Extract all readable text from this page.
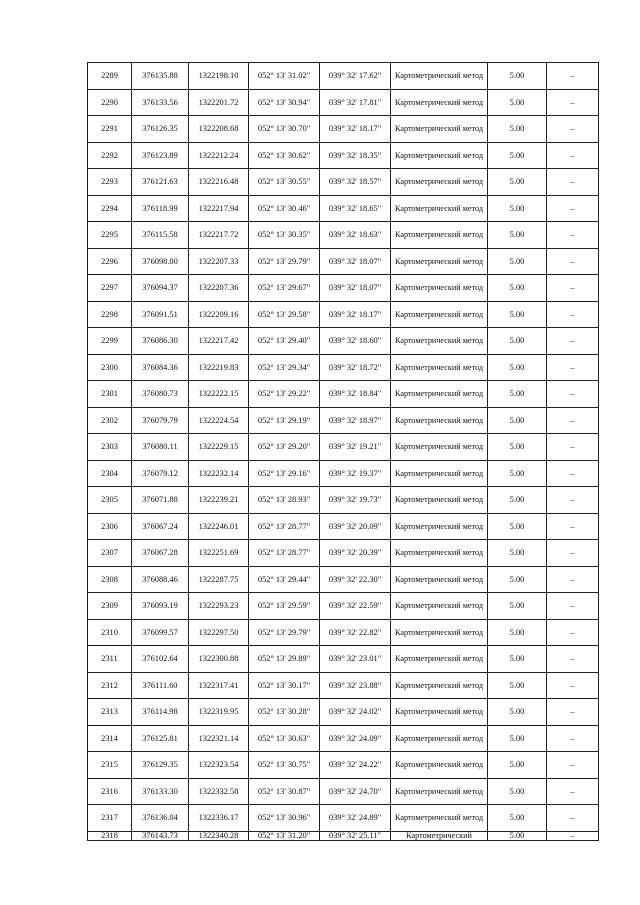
2289	376135.88	1322198.10	052° 13' 31.02"	039° 32' 17.62"	Картометрический метод	5.00	–
2290	376133.56	1322201.72	052° 13' 30.94"	039° 32' 17.81"	Картометрический метод	5.00	–
2291	376126.35	1322208.68	052° 13' 30.70"	039° 32' 18.17"	Картометрический метод	5.00	–
2292	376123.89	1322212.24	052° 13' 30.62"	039° 32' 18.35"	Картометрический метод	5.00	–
2293	376121.63	1322216.48	052° 13' 30.55"	039° 32' 18.57"	Картометрический метод	5.00	–
2294	376118.99	1322217.94	052° 13' 30.46"	039° 32' 18.65"	Картометрический метод	5.00	–
2295	376115.58	1322217.72	052° 13' 30.35"	039° 32' 18.63"	Картометрический метод	5.00	–
2296	376098.00	1322207.33	052° 13' 29.79"	039° 32' 18.07"	Картометрический метод	5.00	–
2297	376094.37	1322207.36	052° 13' 29.67"	039° 32' 18.07"	Картометрический метод	5.00	–
2298	376091.51	1322209.16	052° 13' 29.58"	039° 32' 18.17"	Картометрический метод	5.00	–
2299	376086.30	1322217.42	052° 13' 29.40"	039° 32' 18.60"	Картометрический метод	5.00	–
2300	376084.36	1322219.83	052° 13' 29.34"	039° 32' 18.72"	Картометрический метод	5.00	–
2301	376080.73	1322222.15	052° 13' 29.22"	039° 32' 18.84"	Картометрический метод	5.00	–
2302	376079.79	1322224.54	052° 13' 29.19"	039° 32' 18.97"	Картометрический метод	5.00	–
2303	376080.11	1322229.15	052° 13' 29.20"	039° 32' 19.21"	Картометрический метод	5.00	–
2304	376079.12	1322232.14	052° 13' 29.16"	039° 32' 19.37"	Картометрический метод	5.00	–
2305	376071.88	1322239.21	052° 13' 28.93"	039° 32' 19.73"	Картометрический метод	5.00	–
2306	376067.24	1322246.01	052° 13' 28.77"	039° 32' 20.09"	Картометрический метод	5.00	–
2307	376067.28	1322251.69	052° 13' 28.77"	039° 32' 20.39"	Картометрический метод	5.00	–
2308	376088.46	1322287.75	052° 13' 29.44"	039° 32' 22.30"	Картометрический метод	5.00	–
2309	376093.19	1322293.23	052° 13' 29.59"	039° 32' 22.59"	Картометрический метод	5.00	–
2310	376099.57	1322297.50	052° 13' 29.79"	039° 32' 22.82"	Картометрический метод	5.00	–
2311	376102.64	1322300.88	052° 13' 29.89"	039° 32' 23.01"	Картометрический метод	5.00	–
2312	376111.60	1322317.41	052° 13' 30.17"	039° 32' 23.88"	Картометрический метод	5.00	–
2313	376114.98	1322319.95	052° 13' 30.28"	039° 32' 24.02"	Картометрический метод	5.00	–
2314	376125.81	1322321.14	052° 13' 30.63"	039° 32' 24.09"	Картометрический метод	5.00	–
2315	376129.35	1322323.54	052° 13' 30.75"	039° 32' 24.22"	Картометрический метод	5.00	–
2316	376133.30	1322332.58	052° 13' 30.87"	039° 32' 24.70"	Картометрический метод	5.00	–
2317	376136.04	1322336.17	052° 13' 30.96"	039° 32' 24.89"	Картометрический метод	5.00	–
2318	376143.73	1322340.28	052° 13' 31.20"	039° 32' 25.11"	Картометрический	5.00	–
